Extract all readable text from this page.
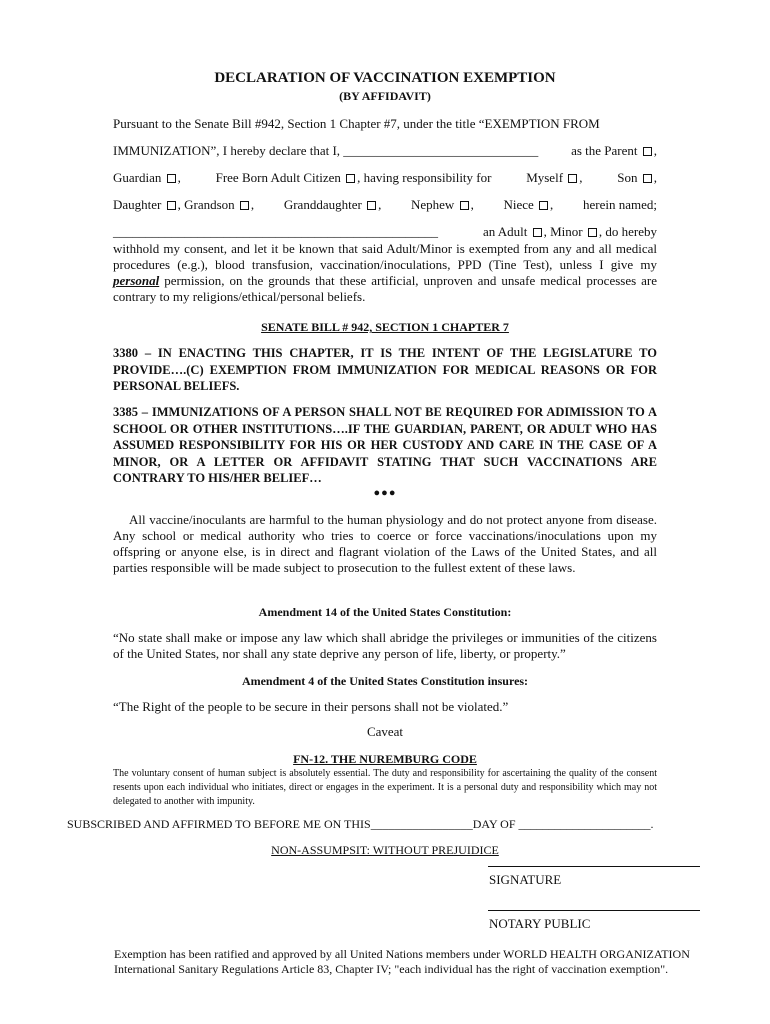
DECLARATION OF VACCINATION EXEMPTION
(BY AFFIDAVIT)
Pursuant to the Senate Bill #942, Section 1 Chapter #7, under the title “EXEMPTION FROM
IMMUNIZATION”, I hereby declare that I, ______________________________	as the Parent ,
Guardian ,	Free Born Adult Citizen , having responsibility for	Myself ,	Son ,
Daughter , Grandson , Granddaughter , Nephew , Niece , herein named;
__________________________________________________	an Adult , Minor , do hereby
withhold my consent, and let it be known that said Adult/Minor is exempted from any and all medical procedures (e.g.), blood transfusion, vaccination/inoculations, PPD (Tine Test), unless I give my personal permission, on the grounds that these artificial, unproven and unsafe medical processes are contrary to my religions/ethical/personal beliefs.
SENATE BILL # 942, SECTION 1 CHAPTER 7
3380 – IN ENACTING THIS CHAPTER, IT IS THE INTENT OF THE LEGISLATURE TO PROVIDE….(C) EXEMPTION FROM IMMUNIZATION FOR MEDICAL REASONS OR FOR PERSONAL BELIEFS.
3385 – IMMUNIZATIONS OF A PERSON SHALL NOT BE REQUIRED FOR ADIMISSION TO A SCHOOL OR OTHER INSTITUTIONS….IF THE GUARDIAN, PARENT, OR ADULT WHO HAS ASSUMED RESPONSIBILITY FOR HIS OR HER CUSTODY AND CARE IN THE CASE OF A MINOR, OR A LETTER OR AFFIDAVIT STATING THAT SUCH VACCINATIONS ARE CONTRARY TO HIS/HER BELIEF…
●●●
All vaccine/inoculants are harmful to the human physiology and do not protect anyone from disease. Any school or medical authority who tries to coerce or force vaccinations/inoculations upon my offspring or anyone else, is in direct and flagrant violation of the Laws of the United States, and all parties responsible will be made subject to prosecution to the fullest extent of these laws.
Amendment 14 of the United States Constitution:
“No state shall make or impose any law which shall abridge the privileges or immunities of the citizens of the United States, nor shall any state deprive any person of life, liberty, or property.”
Amendment 4 of the United States Constitution insures:
“The Right of the people to be secure in their persons shall not be violated.”
Caveat
FN-12. THE NUREMBURG CODE
The voluntary consent of human subject is absolutely essential. The duty and responsibility for ascertaining the quality of the consent resents upon each individual who initiates, direct or engages in the experiment. It is a personal duty and responsibility which may not delegated to another with impunity.
SUBSCRIBED AND AFFIRMED TO BEFORE ME ON THIS_________________DAY OF ______________________.
NON-ASSUMPSIT: WITHOUT PREJUIDICE
SIGNATURE
NOTARY PUBLIC
Exemption has been ratified and approved by all United Nations members under WORLD HEALTH ORGANIZATION
International Sanitary Regulations Article 83, Chapter IV; "each individual has the right of vaccination exemption".
